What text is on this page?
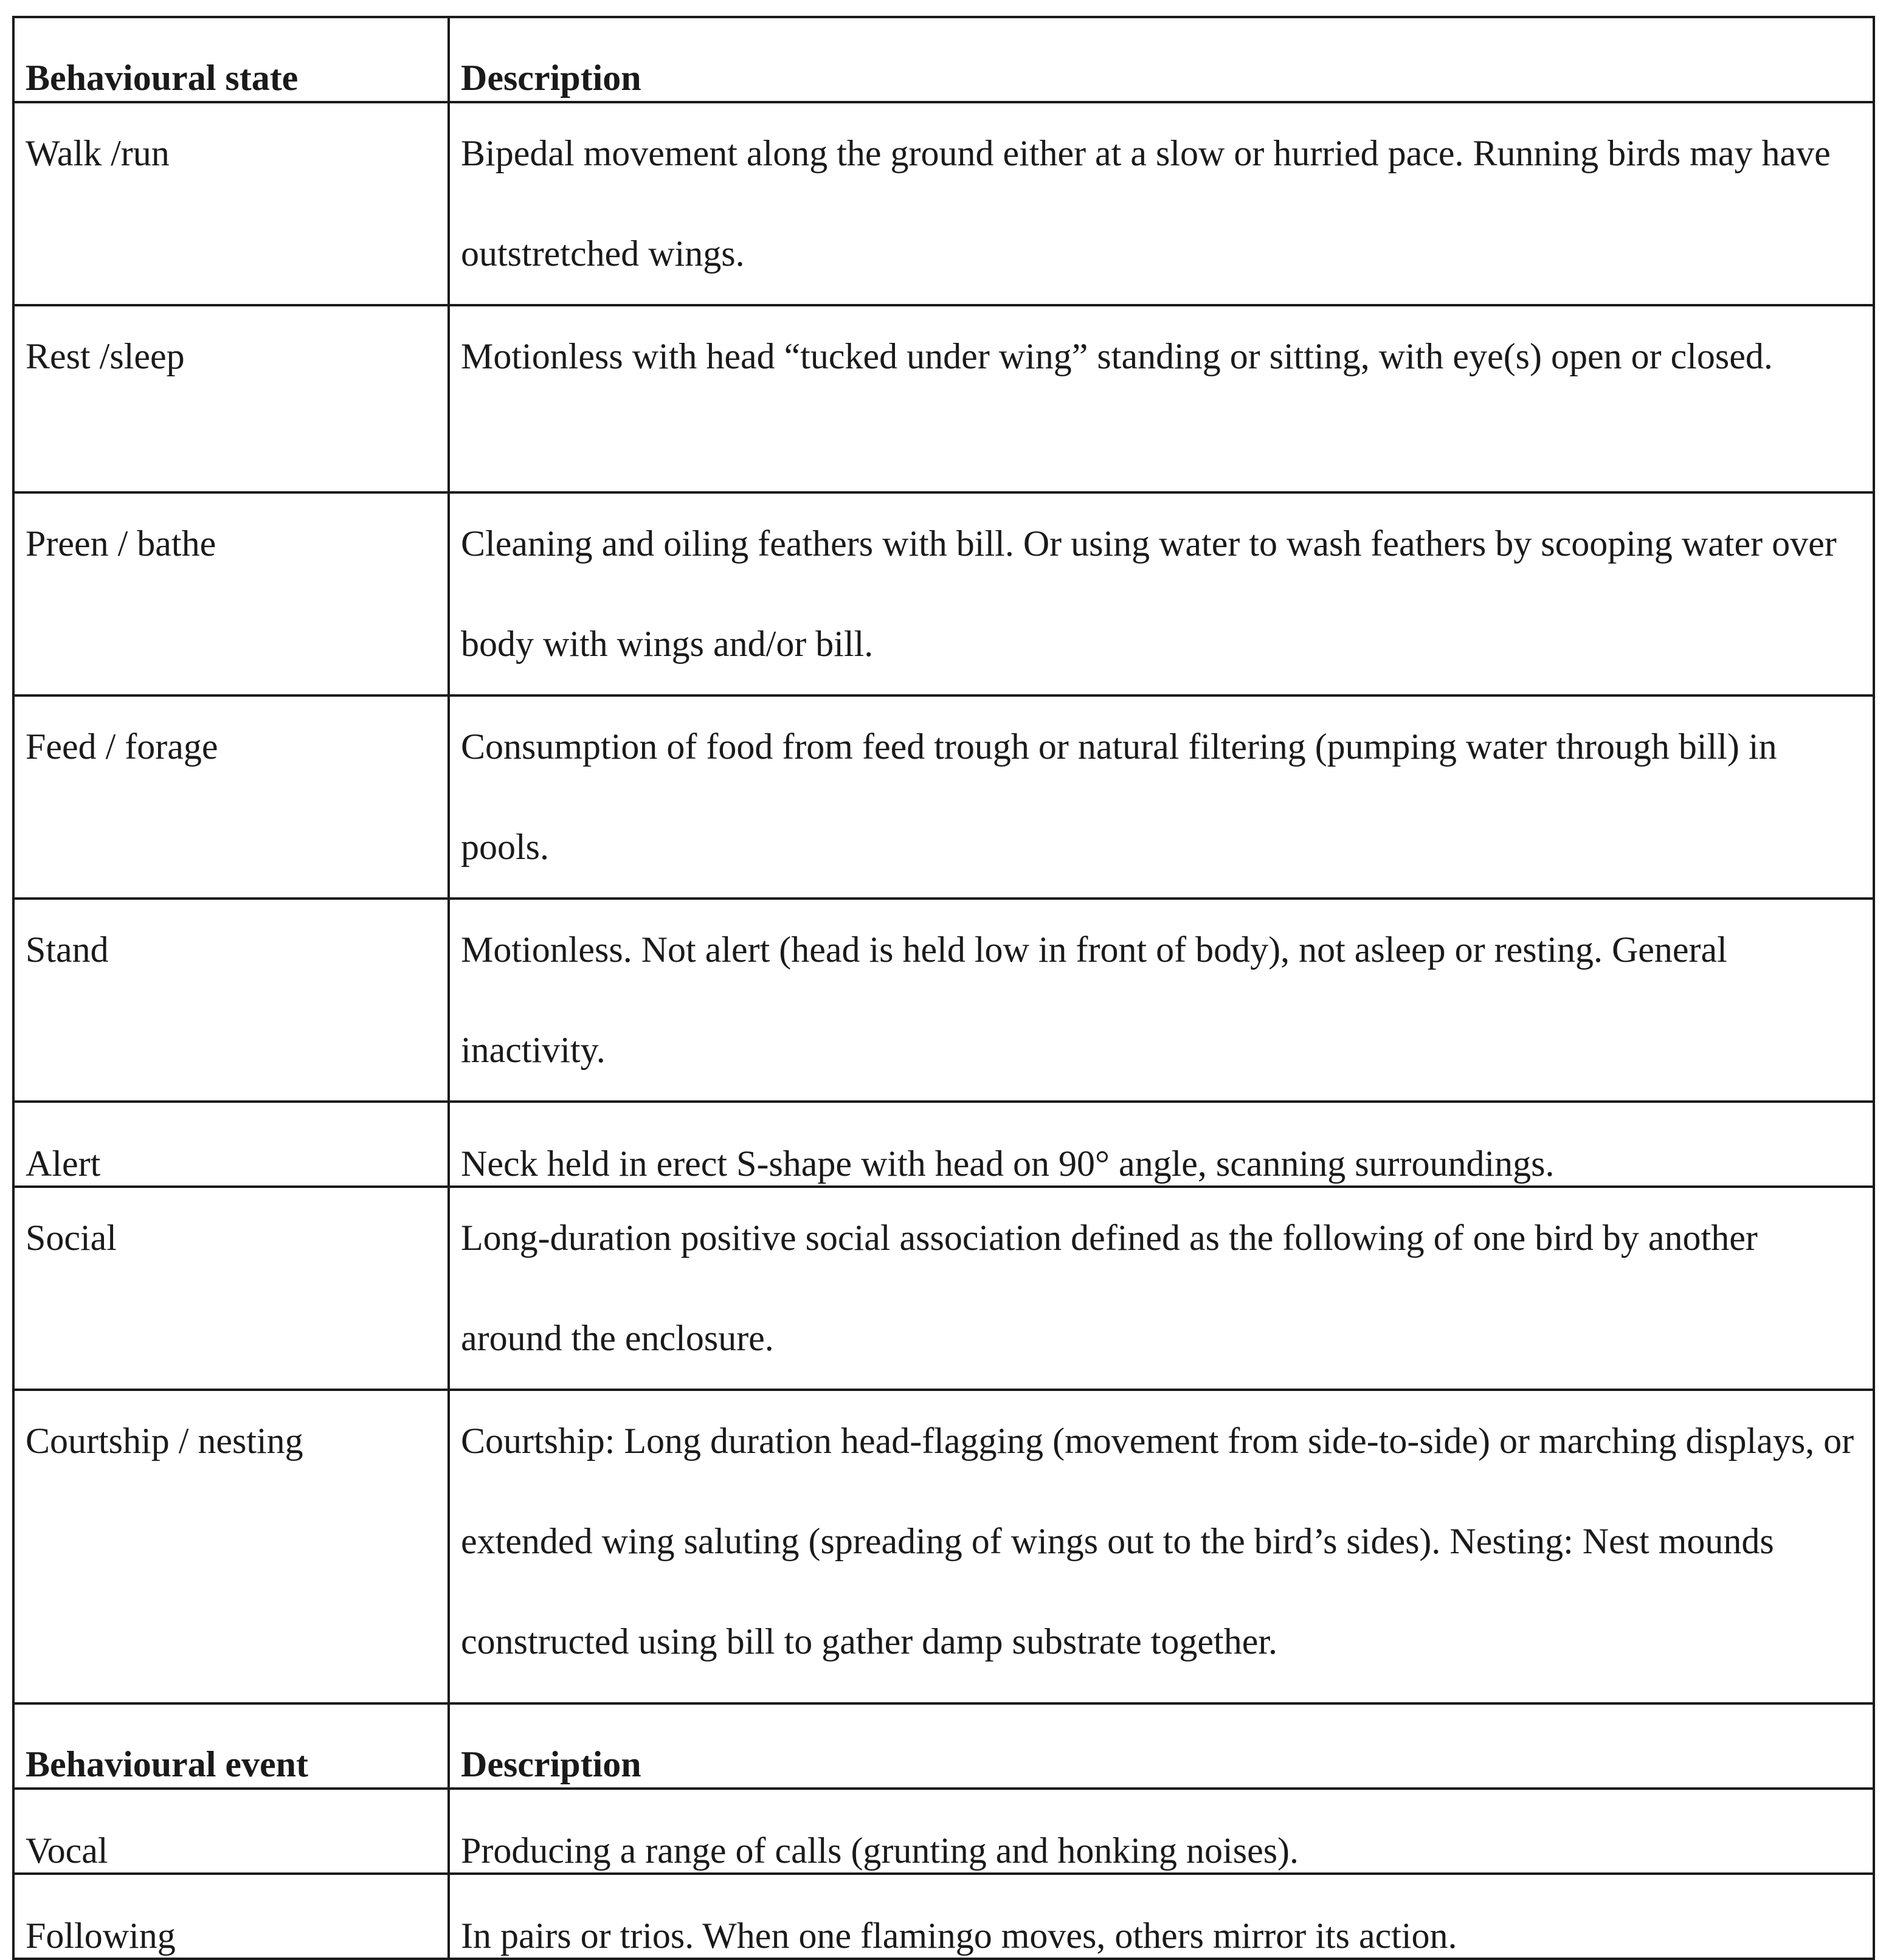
Behavioural state	Description
Walk /run	Bipedal movement along the ground either at a slow or hurried pace. Running birds may have outstretched wings.
Rest /sleep	Motionless with head “tucked under wing” standing or sitting, with eye(s) open or closed.
Preen / bathe	Cleaning and oiling feathers with bill. Or using water to wash feathers by scooping water over body with wings and/or bill.
Feed / forage	Consumption of food from feed trough or natural filtering (pumping water through bill) in pools.
Stand	Motionless. Not alert (head is held low in front of body), not asleep or resting. General inactivity.
Alert	Neck held in erect S-shape with head on 90° angle, scanning surroundings.
Social	Long-duration positive social association defined as the following of one bird by another around the enclosure.
Courtship / nesting	Courtship: Long duration head-flagging (movement from side-to-side) or marching displays, or extended wing saluting (spreading of wings out to the bird’s sides). Nesting: Nest mounds constructed using bill to gather damp substrate together.
Behavioural event	Description
Vocal	Producing a range of calls (grunting and honking noises).
Following	In pairs or trios. When one flamingo moves, others mirror its action.
